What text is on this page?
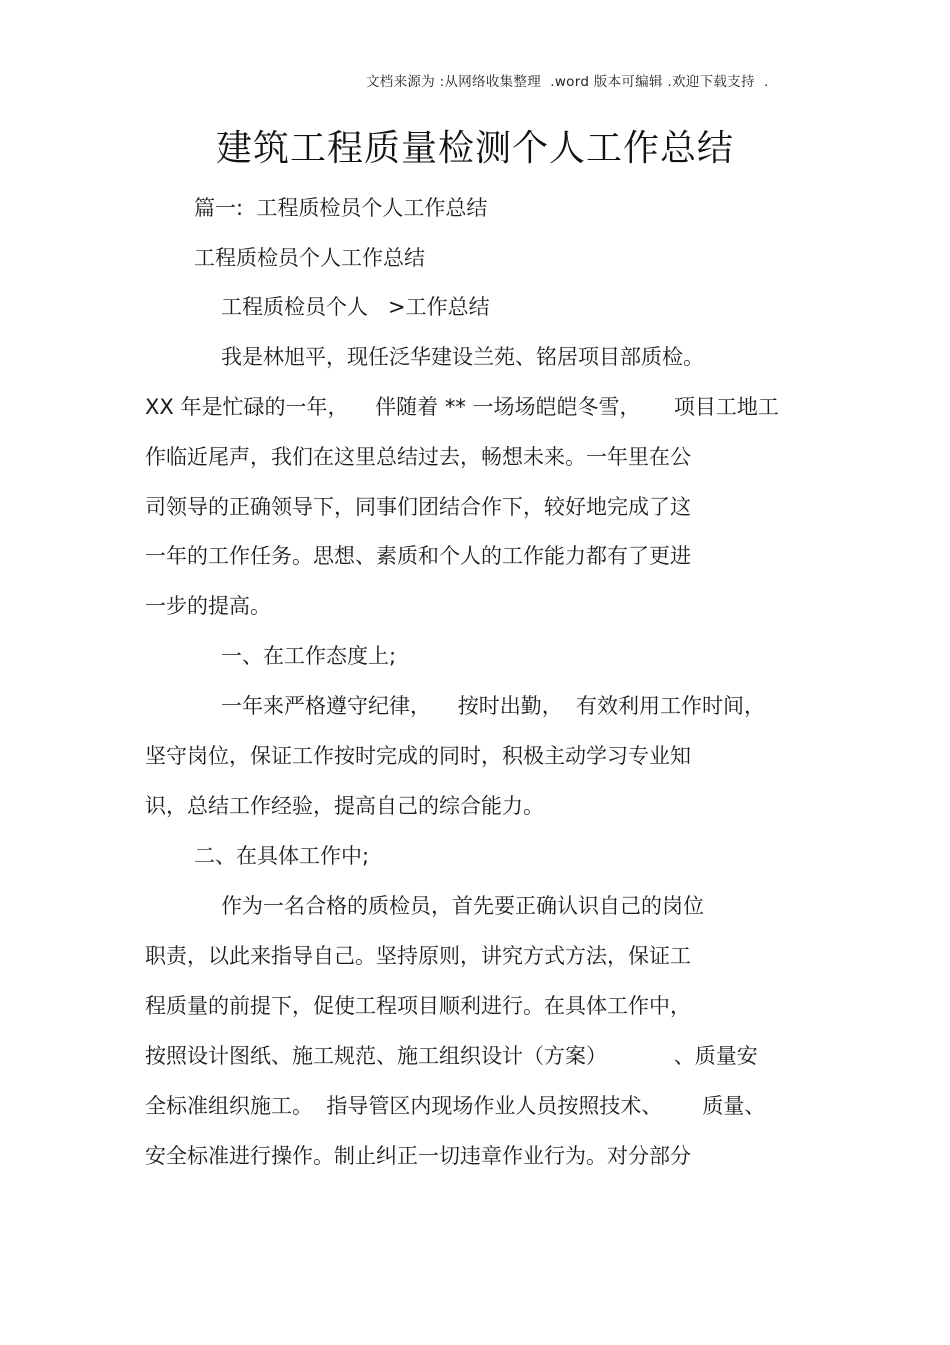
文档来源为 :从网络收集整理  .word 版本可编辑 .欢迎下载支持  .
建筑工程质量检测个人工作总结
篇一:  工程质检员个人工作总结
工程质检员个人工作总结
工程质检员个人   >工作总结
我是林旭平，现任泛华建设兰苑、铭居项目部质检。
XX 年是忙碌的一年，    伴随着 ** 一场场皑皑冬雪，     项目工地工
作临近尾声，我们在这里总结过去，畅想未来。一年里在公
司领导的正确领导下，同事们团结合作下，较好地完成了这
一年的工作任务。思想、素质和个人的工作能力都有了更进
一步的提高。
一、在工作态度上;
一年来严格遵守纪律，    按时出勤，  有效利用工作时间，
坚守岗位，保证工作按时完成的同时，积极主动学习专业知
识，总结工作经验，提高自己的综合能力。
二、在具体工作中;
作为一名合格的质检员，首先要正确认识自己的岗位
职责，以此来指导自己。坚持原则，讲究方式方法，保证工
程质量的前提下，促使工程项目顺利进行。在具体工作中，
按照设计图纸、施工规范、施工组织设计（方案）          、质量安
全标准组织施工。  指导管区内现场作业人员按照技术、      质量、
安全标准进行操作。制止纠正一切违章作业行为。对分部分
